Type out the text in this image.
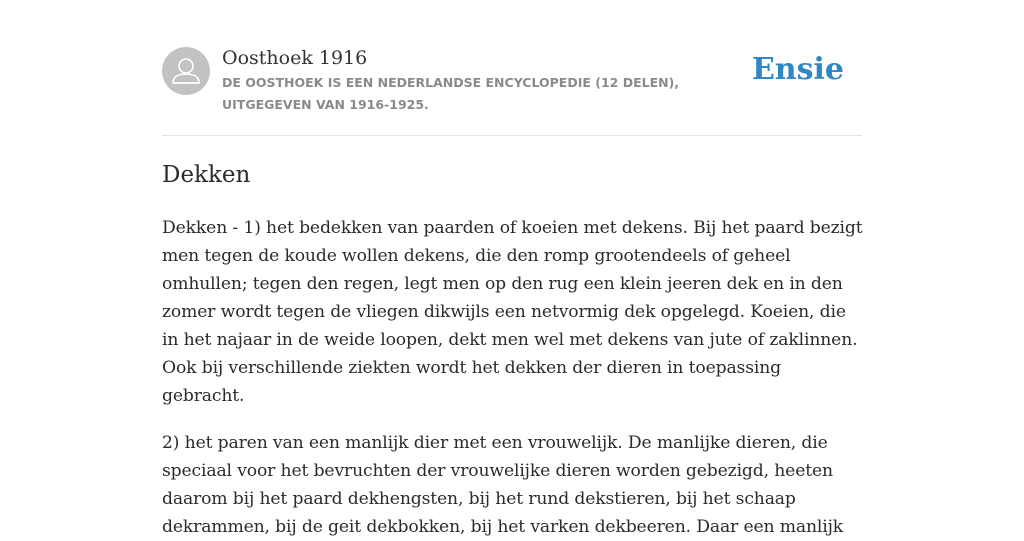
Oosthoek 1916
DE OOSTHOEK IS EEN NEDERLANDSE ENCYCLOPEDIE (12 DELEN), UITGEGEVEN VAN 1916-1925.
Ensie
Dekken

Dekken - 1) het bedekken van paarden of koeien met dekens. Bij het paard bezigt men tegen de koude wollen dekens, die den romp grootendeels of geheel omhullen; tegen den regen, legt men op den rug een klein jeeren dek en in den zomer wordt tegen de vliegen dikwijls een netvormig dek opgelegd. Koeien, die in het najaar in de weide loopen, dekt men wel met dekens van jute of zaklinnen. Ook bij verschillende ziekten wordt het dekken der dieren in toepassing gebracht.

2) het paren van een manlijk dier met een vrouwelijk. De manlijke dieren, die speciaal voor het bevruchten der vrouwelijke dieren worden gebezigd, heeten daarom bij het paard dekhengsten, bij het rund dekstieren, bij het schaap dekrammen, bij de geit dekbokken, bij het varken dekbeeren. Daar een manlijk
